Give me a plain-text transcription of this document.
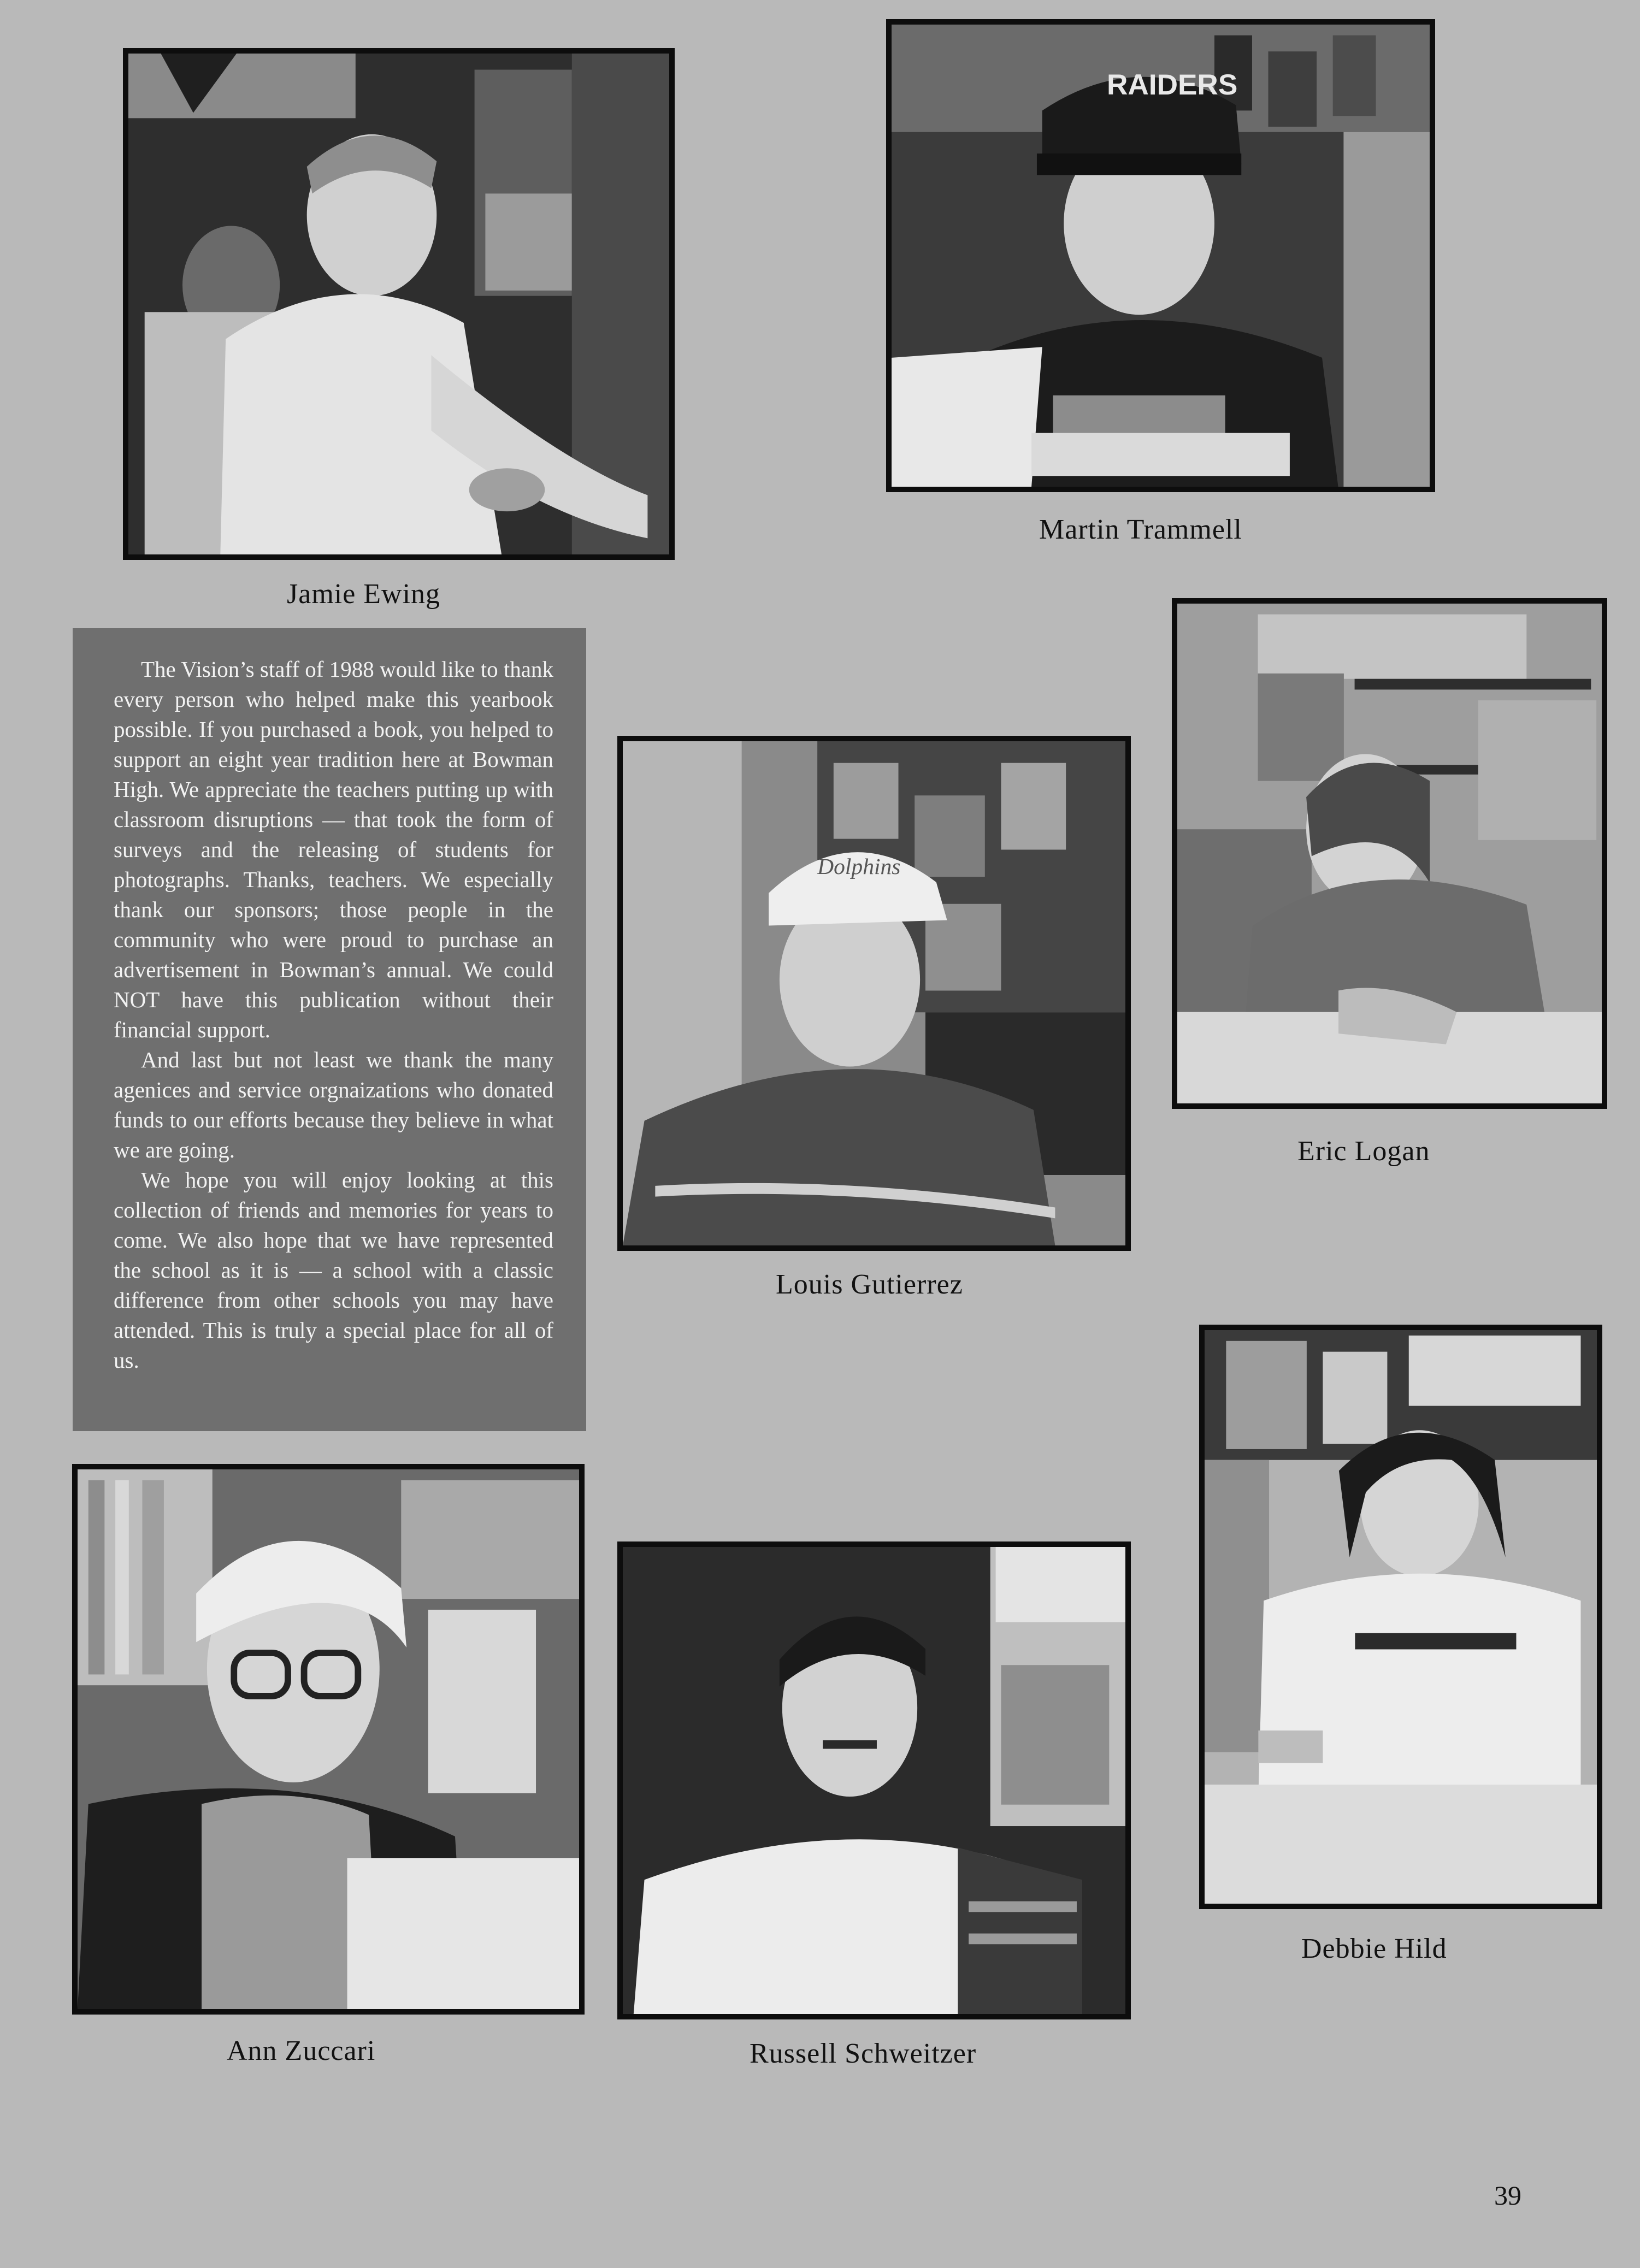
Jamie Ewing
RAIDERS
Martin Trammell

The Vision’s staff of 1988 would like to thank every person who helped make this yearbook possible. If you purchased a book, you helped to support an eight year tradition here at Bowman High. We appreciate the teachers putting up with classroom disruptions — that took the form of surveys and the releasing of students for photographs. Thanks, teachers. We especially thank our sponsors; those people in the community who were proud to purchase an advertisement in Bowman’s annual. We could NOT have this publication without their financial support.

And last but not least we thank the many agenices and service orgnaizations who donated funds to our efforts because they believe in what we are going.

We hope you will enjoy looking at this collection of friends and memories for years to come. We also hope that we have represented the school as it is — a school with a classic difference from other schools you may have attended. This is truly a special place for all of us.

Eric Logan
Dolphins
Louis Gutierrez
Ann Zuccari	Russell Schweitzer
Debbie Hild
39
